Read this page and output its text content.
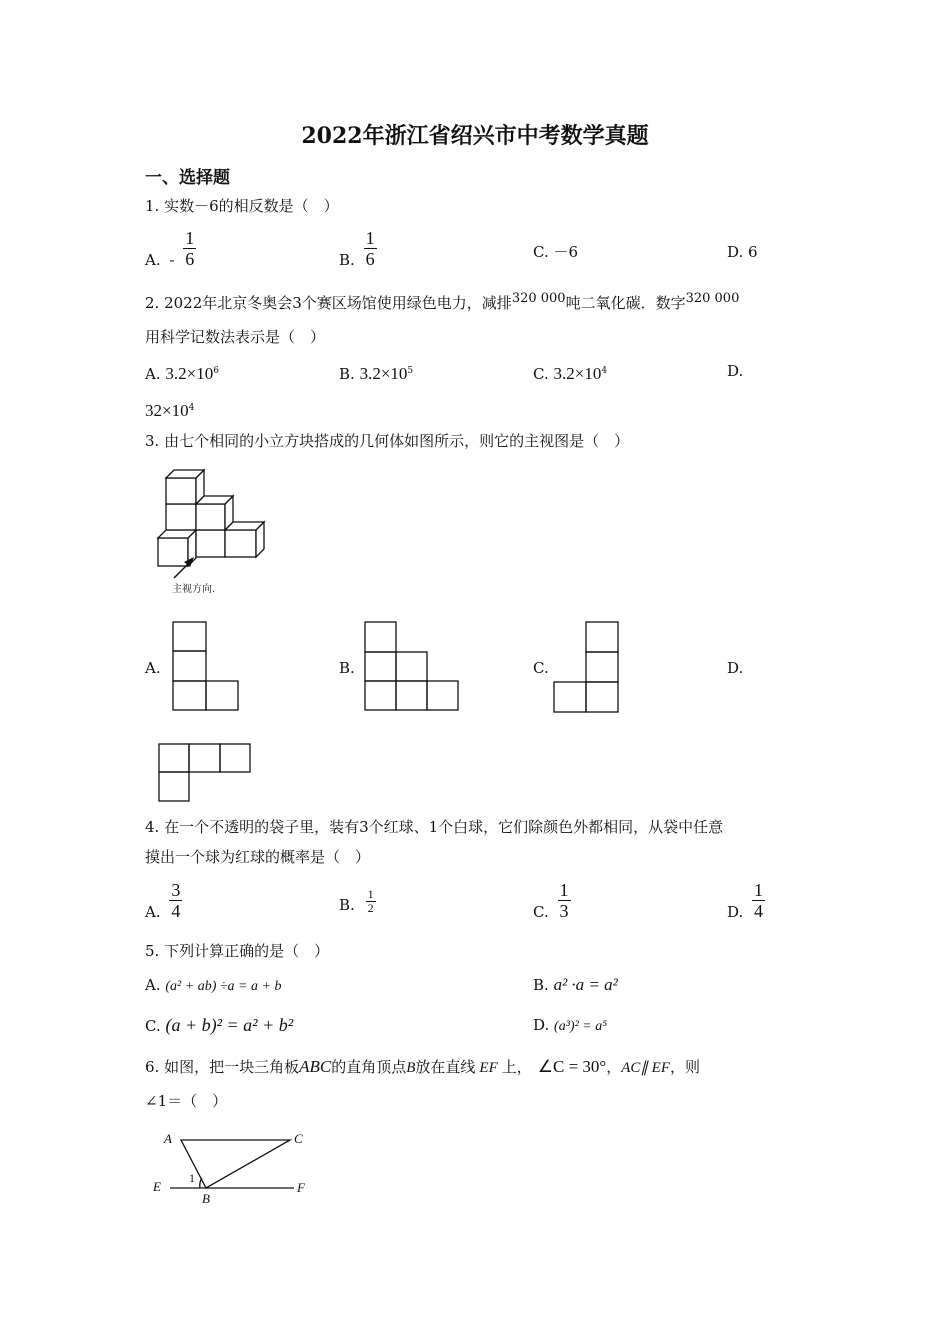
2022年浙江省绍兴市中考数学真题
一、选择题
1. 实数－6的相反数是（　）
A. - $\frac{1}{6}$	B. $\frac{1}{6}$	C. －6	D. 6
2. 2022年北京冬奥会3个赛区场馆使用绿色电力，减排320 000吨二氧化碳．数字320 000
用科学记数法表示是（　）
A. $3.2\times 10^6$	B. $3.2\times 10^5$	C. $3.2\times 10^4$	D.
$32\times 10^4$
3. 由七个相同的小立方块搭成的几何体如图所示，则它的主视图是（　）
主视方向.
A.	B.	C.	D.
4. 在一个不透明的袋子里，装有3个红球、1个白球，它们除颜色外都相同，从袋中任意
摸出一个球为红球的概率是（　）
A. $\frac{3}{4}$	B. $\frac{1}{2}$	C. $\frac{1}{3}$	D. $\frac{1}{4}$
5. 下列计算正确的是（　）
A. (a² + ab) ÷a = a + b	B. a² ·a = a²
C. (a + b)² = a² + b²	D. (a³)² = a⁵
6. 如图，把一块三角板ABC的直角顶点B放在直线 EF 上， ∠C = 30°，AC∥ EF，则
∠1＝（　）
A	C
E	F
B
1
